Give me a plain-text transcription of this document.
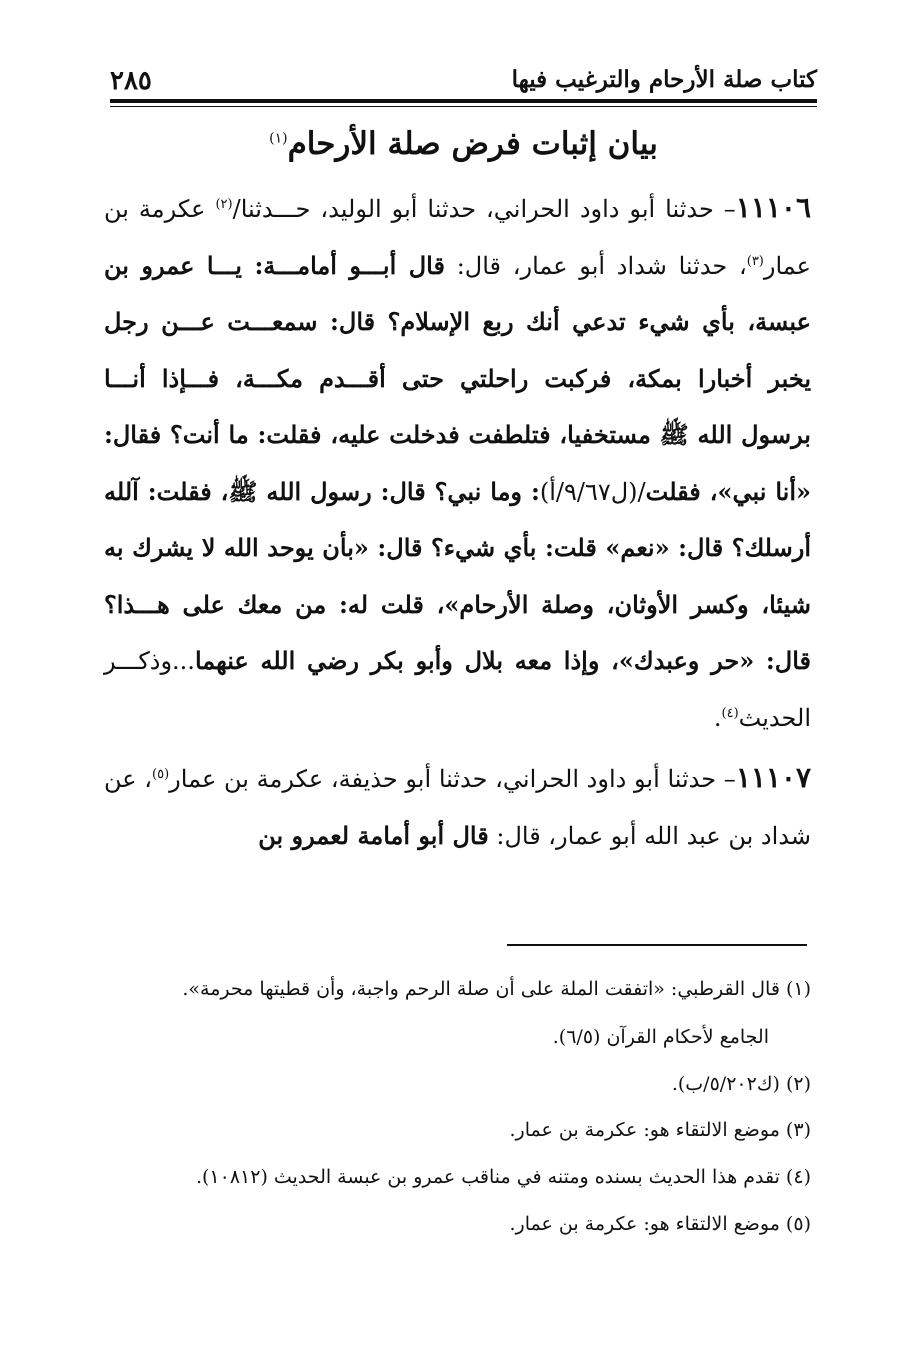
كتاب صلة الأرحام والترغيب فيها
٢٨٥
بيان إثبات فرض صلة الأرحام$^{(١)}$
١١١٠٦– حدثنا أبو داود الحراني، حدثنا أبو الوليد، حـــدثنا/$^{(٢)}$ عكرمة بن عمار$^{(٣)}$، حدثنا شداد أبو عمار، قال: قال أبـــو أمامـــة: يـــا عمرو بن عبسة، بأي شيء تدعي أنك ربع الإسلام؟ قال: سمعـــت عـــن رجل يخبر أخبارا بمكة، فركبت راحلتي حتى أقـــدم مكـــة، فـــإذا أنـــا برسول الله ﷺ مستخفيا، فتلطفت فدخلت عليه، فقلت: ما أنت؟ فقال: «أنا نبي»، فقلت/(ل٩/٦٧/أ): وما نبي؟ قال: رسول الله ﷺ، فقلت: آلله أرسلك؟ قال: «نعم» قلت: بأي شيء؟ قال: «بأن يوحد الله لا يشرك به شيئا، وكسر الأوثان، وصلة الأرحام»، قلت له: من معك على هـــذا؟ قال: «حر وعبدك»، وإذا معه بلال وأبو بكر رضي الله عنهما...وذكـــر الحديث$^{(٤)}$.
١١١٠٧– حدثنا أبو داود الحراني، حدثنا أبو حذيفة، عكرمة بن عمار$^{(٥)}$، عن شداد بن عبد الله أبو عمار، قال: قال أبو أمامة لعمرو بن
(١) قال القرطبي: «اتفقت الملة على أن صلة الرحم واجبة، وأن قطيتها محرمة».
الجامع لأحكام القرآن (٦/٥).
(٢) (ك٥/٢٠٢/ب).
(٣) موضع الالتقاء هو: عكرمة بن عمار.
(٤) تقدم هذا الحديث بسنده ومتنه في مناقب عمرو بن عبسة الحديث (١٠٨١٢).
(٥) موضع الالتقاء هو: عكرمة بن عمار.
